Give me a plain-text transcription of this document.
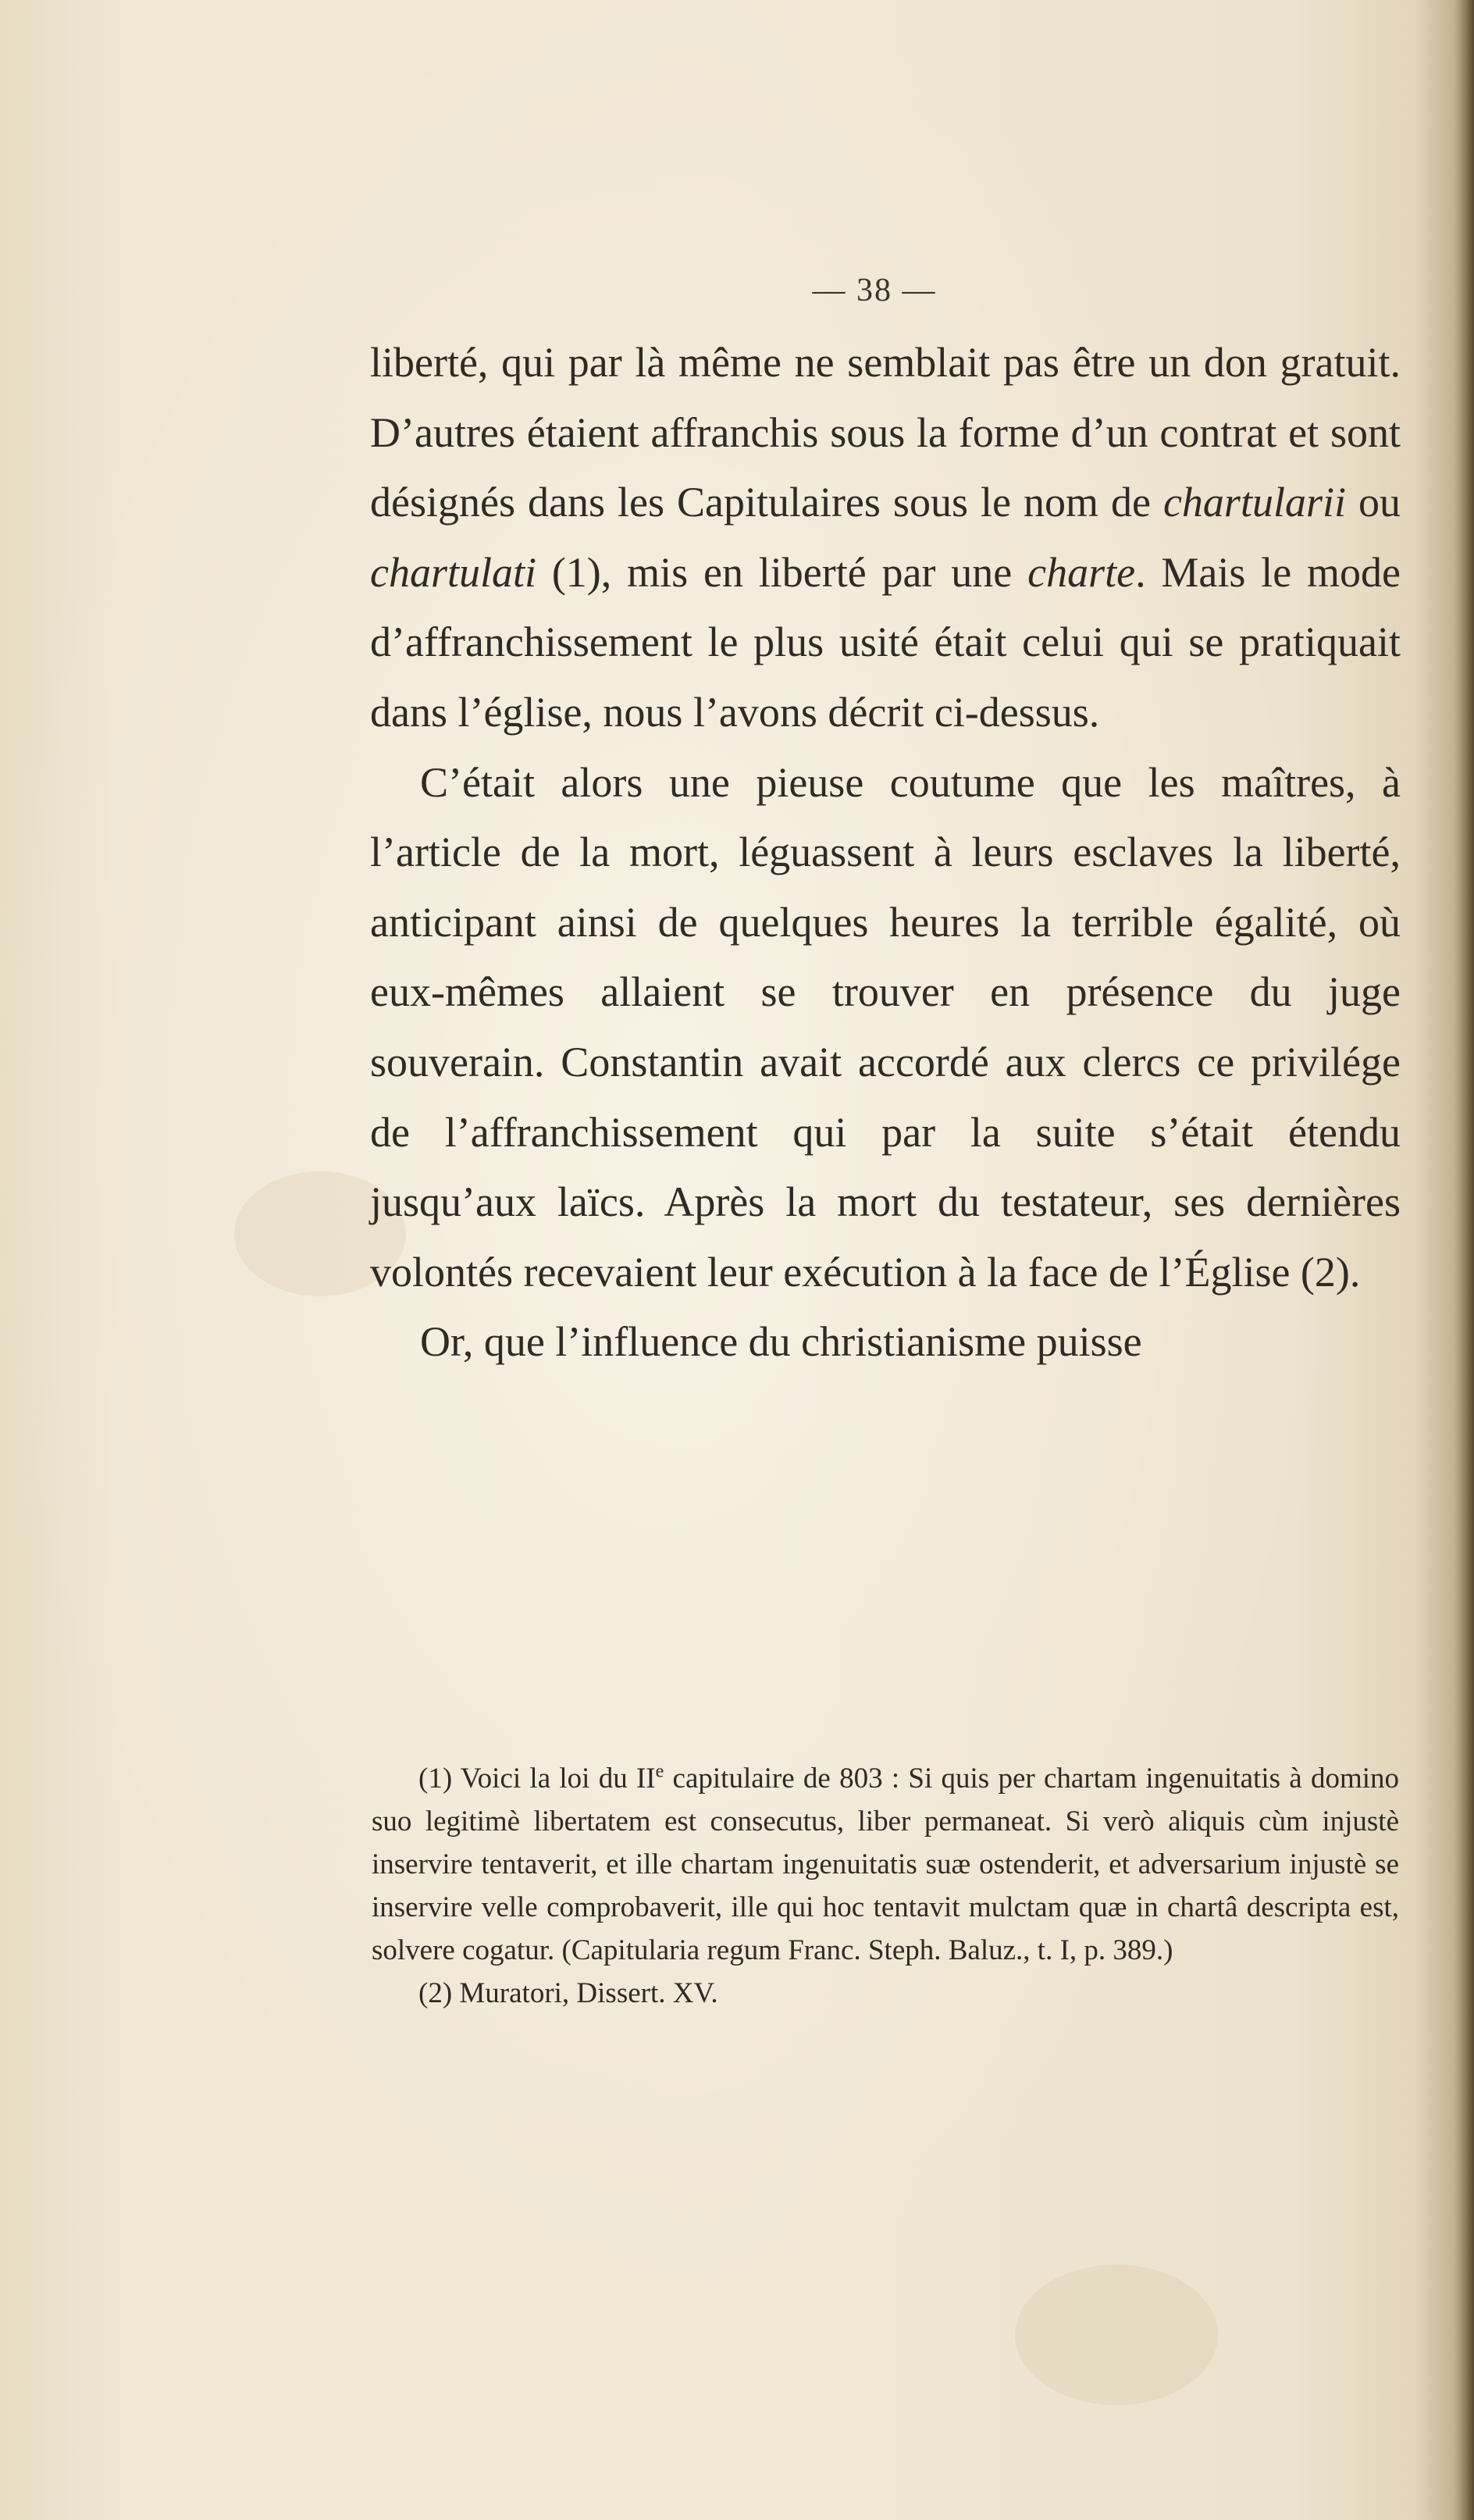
— 38 —

liberté, qui par là même ne semblait pas être un don gratuit. D’autres étaient affranchis sous la forme d’un contrat et sont désignés dans les Capitulaires sous le nom de chartularii ou chartulati (1), mis en liberté par une charte. Mais le mode d’affranchissement le plus usité était celui qui se pratiquait dans l’église, nous l’avons décrit ci-dessus.

C’était alors une pieuse coutume que les maîtres, à l’article de la mort, léguassent à leurs esclaves la liberté, anticipant ainsi de quelques heures la terrible égalité, où eux-mêmes allaient se trouver en présence du juge souverain. Constantin avait accordé aux clercs ce privilége de l’affranchissement qui par la suite s’était étendu jusqu’aux laïcs. Après la mort du testateur, ses dernières volontés recevaient leur exécution à la face de l’Église (2).

Or, que l’influence du christianisme puisse

(1) Voici la loi du IIe capitulaire de 803 : Si quis per chartam ingenuitatis à domino suo legitimè libertatem est consecutus, liber permaneat. Si verò aliquis cùm injustè inservire tentaverit, et ille chartam ingenuitatis suæ ostenderit, et adversarium injustè se inservire velle comprobaverit, ille qui hoc tentavit mulctam quæ in chartâ descripta est, solvere cogatur. (Capitularia regum Franc. Steph. Baluz., t. I, p. 389.)

(2) Muratori, Dissert. XV.
